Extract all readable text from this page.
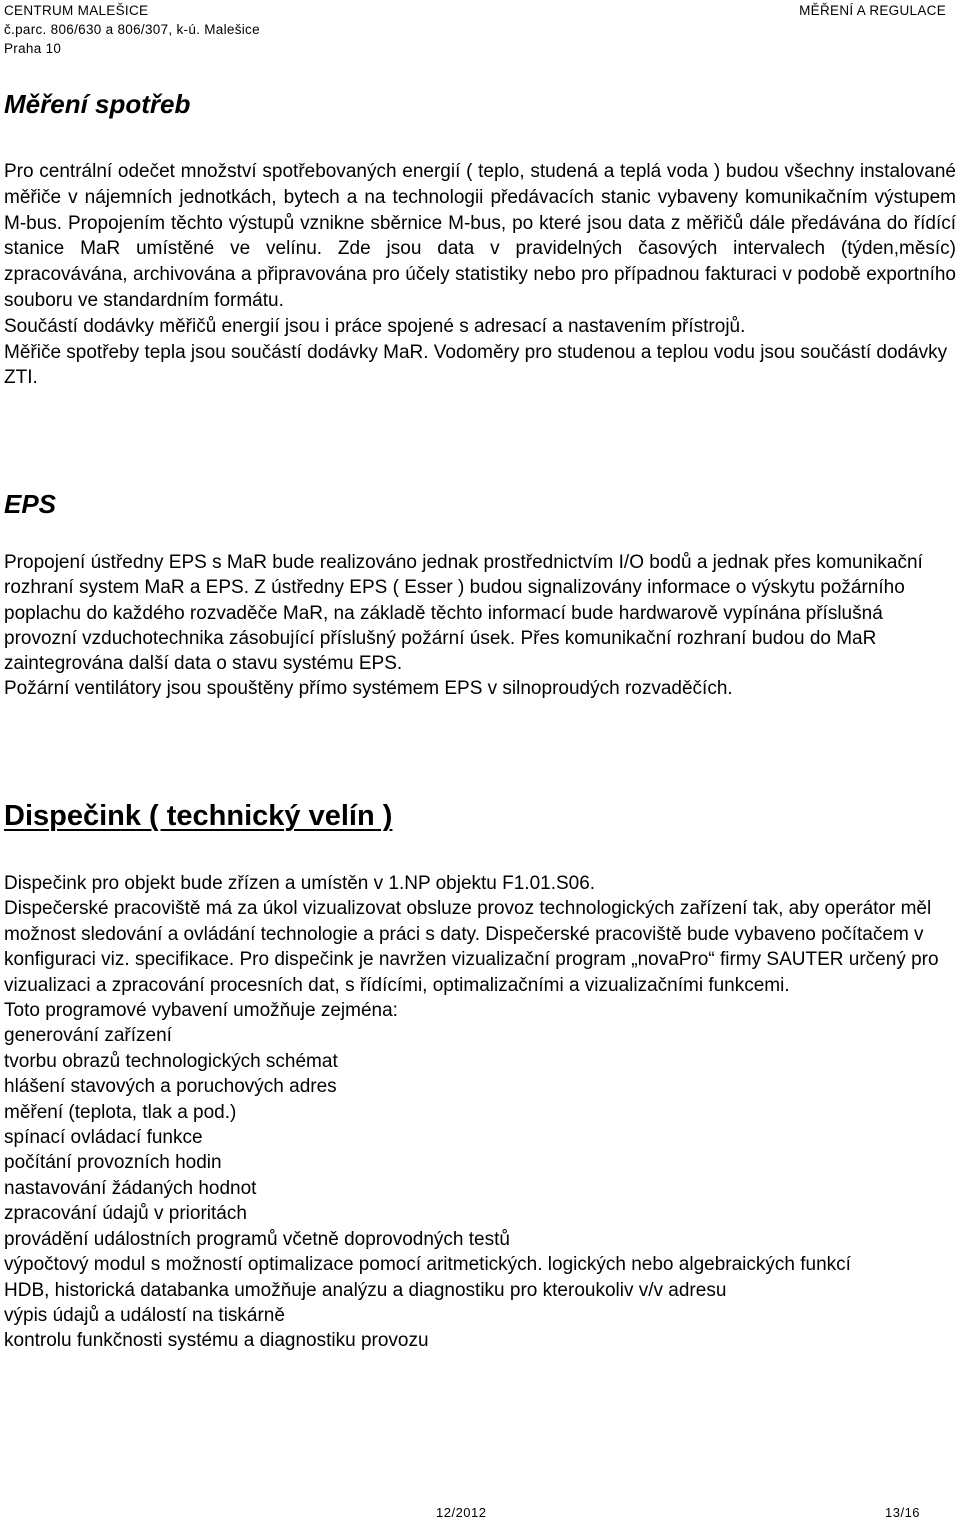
CENTRUM MALEŠICE
č.parc. 806/630 a 806/307, k-ú. Malešice
Praha 10
MĚŘENÍ A REGULACE
Měření spotřeb

Pro centrální odečet množství spotřebovaných energií ( teplo, studená a teplá voda ) budou všechny instalované měřiče v nájemních jednotkách, bytech a na technologii předávacích stanic vybaveny komunikačním výstupem M-bus. Propojením těchto výstupů vznikne sběrnice M-bus, po které jsou data z měřičů dále předávána do řídící stanice MaR umístěné ve velínu. Zde jsou data v pravidelných časových intervalech (týden,měsíc) zpracovávána, archivována a připravována pro účely statistiky nebo pro případnou fakturaci v podobě exportního souboru ve standardním formátu.

Součástí dodávky měřičů energií jsou i práce spojené s adresací a nastavením přístrojů.

Měřiče spotřeby tepla jsou součástí dodávky MaR. Vodoměry pro studenou a teplou vodu jsou součástí dodávky ZTI.

EPS

Propojení ústředny EPS s MaR bude realizováno jednak prostřednictvím I/O bodů a jednak přes komunikační rozhraní system MaR a EPS. Z ústředny EPS ( Esser ) budou signalizovány informace o výskytu požárního poplachu do každého rozvaděče MaR, na základě těchto informací bude hardwarově vypínána příslušná provozní vzduchotechnika zásobující příslušný požární úsek. Přes komunikační rozhraní budou do MaR zaintegrována další data o stavu systému EPS.

Požární ventilátory jsou spouštěny přímo systémem EPS v silnoproudých rozvaděčích.

Dispečink ( technický velín )

Dispečink pro objekt bude zřízen a umístěn v 1.NP objektu F1.01.S06.

Dispečerské pracoviště má za úkol vizualizovat obsluze provoz technologických zařízení tak, aby operátor měl možnost sledování a ovládání technologie a práci s daty. Dispečerské pracoviště bude vybaveno počítačem v konfiguraci viz. specifikace. Pro dispečink je navržen vizualizační program „novaPro“ firmy SAUTER určený pro vizualizaci a zpracování procesních dat, s řídícími, optimalizačními a vizualizačními funkcemi.

Toto programové vybavení umožňuje zejména:

generování zařízení
tvorbu obrazů technologických schémat
hlášení stavových a poruchových adres
měření (teplota, tlak a pod.)
spínací ovládací funkce
počítání provozních hodin
nastavování žádaných hodnot
zpracování údajů v prioritách
provádění událostních programů včetně doprovodných testů
výpočtový modul s možností optimalizace pomocí aritmetických. logických nebo algebraických funkcí
HDB, historická databanka umožňuje analýzu a diagnostiku pro kteroukoliv v/v adresu
výpis údajů a událostí na tiskárně
kontrolu funkčnosti systému a diagnostiku provozu
12/2012	13/16
